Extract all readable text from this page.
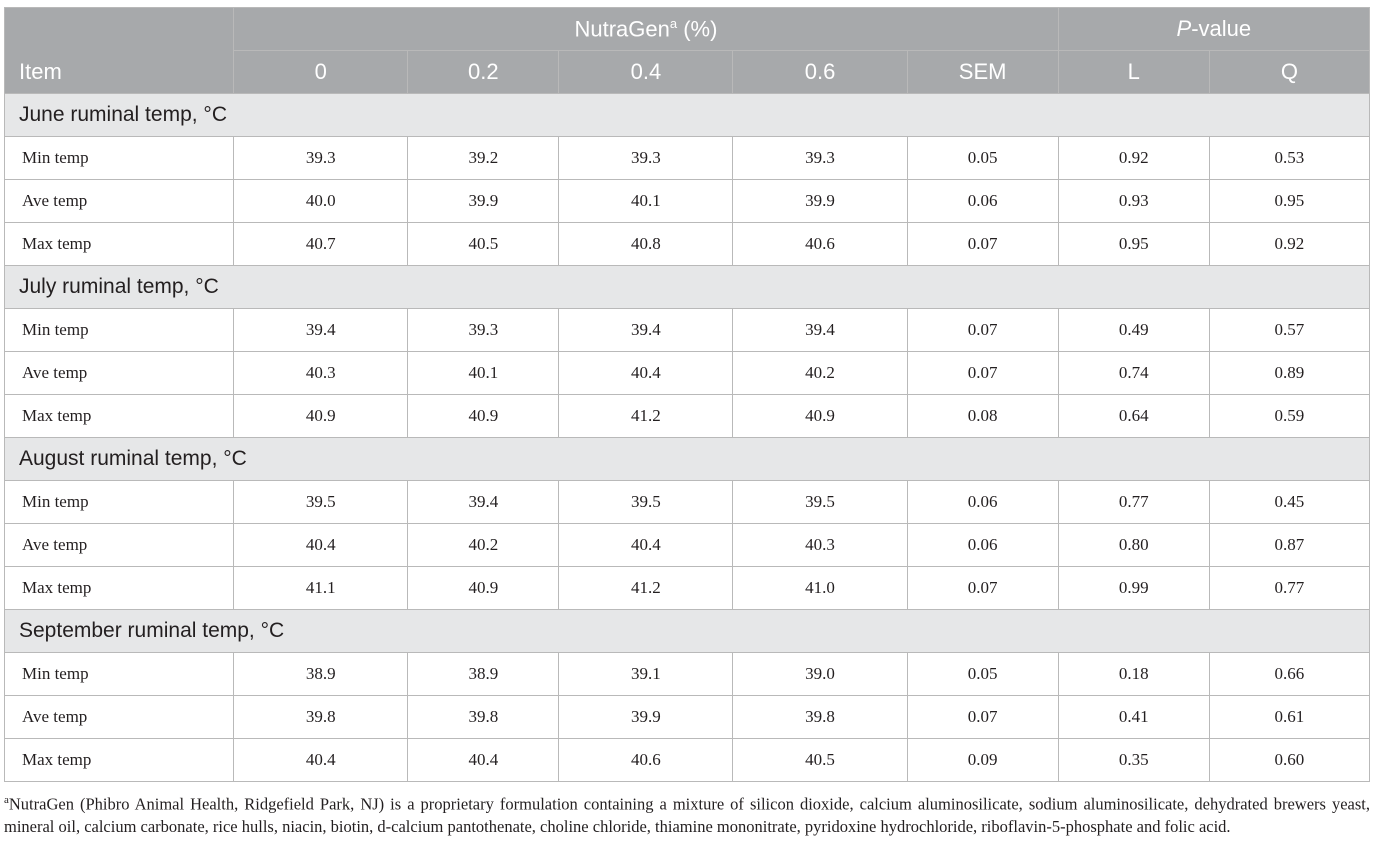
Item	NutraGen$^a$ (%)					P-value	
	0	0.2	0.4	0.6	SEM	L	Q
June ruminal temp, °C							
Min temp	39.3	39.2	39.3	39.3	0.05	0.92	0.53
Ave temp	40.0	39.9	40.1	39.9	0.06	0.93	0.95
Max temp	40.7	40.5	40.8	40.6	0.07	0.95	0.92
July ruminal temp, °C							
Min temp	39.4	39.3	39.4	39.4	0.07	0.49	0.57
Ave temp	40.3	40.1	40.4	40.2	0.07	0.74	0.89
Max temp	40.9	40.9	41.2	40.9	0.08	0.64	0.59
August ruminal temp, °C							
Min temp	39.5	39.4	39.5	39.5	0.06	0.77	0.45
Ave temp	40.4	40.2	40.4	40.3	0.06	0.80	0.87
Max temp	41.1	40.9	41.2	41.0	0.07	0.99	0.77
September ruminal temp, °C							
Min temp	38.9	38.9	39.1	39.0	0.05	0.18	0.66
Ave temp	39.8	39.8	39.9	39.8	0.07	0.41	0.61
Max temp	40.4	40.4	40.6	40.5	0.09	0.35	0.60
$^a$NutraGen (Phibro Animal Health, Ridgefield Park, NJ) is a proprietary formulation containing a mixture of silicon dioxide, calcium aluminosilicate, sodium aluminosilicate, dehydrated brewers yeast, mineral oil, calcium carbonate, rice hulls, niacin, biotin, d-calcium pantothenate, choline chloride, thiamine mononitrate, pyridoxine hydrochloride, riboflavin-5-phosphate and folic acid.
